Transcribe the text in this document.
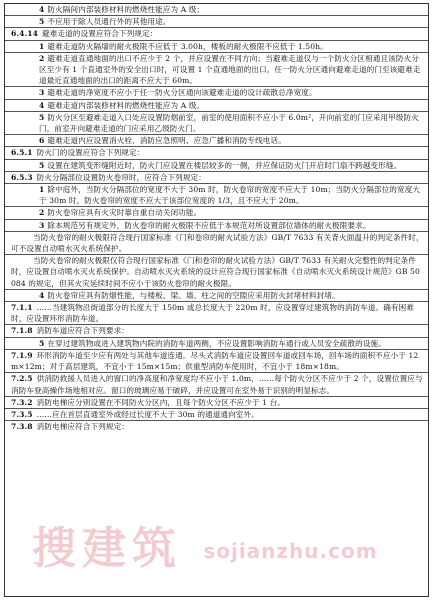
4 防火隔间内部装修材料的燃烧性能应为 A 级；
5 不应用于除人员通行外的其他用途。
6.4.14 避难走道的设置应符合下列规定：
1 避难走道防火隔墙的耐火极限不应低于 3.00h，楼板的耐火极限不应低于 1.50h。
2 避难走道直通地面的出口不应少于 2 个，并应设置在不同方向；当避难走道仅与一个防火分区相通且该防火分区至少有 1 个直通室外的安全出口时，可设置 1 个直通地面的出口。任一防火分区通向避难走道的门至该避难走道最近直通地面的出口的距离不应大于 60m。
3 避难走道的净宽度不应小于任一防火分区通向该避难走道的设计疏散总净宽度。
4 避难走道内部装修材料的燃烧性能应为 A 级。
5 防火分区至避难走道入口处应设置防烟前室，前室的使用面积不应小于 6.0m²，开向前室的门应采用甲级防火门，前室开向避难走道的门应采用乙级防火门。
6 避难走道内应设置消火栓、消防应急照明、应急广播和消防专线电话。
6.5.1 防火门的设置应符合下列规定：
5 设置在建筑变形缝附近时，防火门应设置在楼层较多的一侧，并应保证防火门开启时门扇不跨越变形缝。
6.5.3 防火分隔部位设置防火卷帘时，应符合下列规定：
1 除中庭外，当防火分隔部位的宽度不大于 30m 时，防火卷帘的宽度不应大于 10m；当防火分隔部位的宽度大于 30m 时，防火卷帘的宽度不应大于该部位宽度的 1/3，且不应大于 20m。
2 防火卷帘应具有火灾时靠自重自动关闭功能。
3 除本规范另有规定外，防火卷帘的耐火极限不应低于本规范对所设置部位墙体的耐火极限要求。
当防火卷帘的耐火极限符合现行国家标准《门和卷帘的耐火试验方法》GB/T 7633 有关背火面温升的判定条件时，可不设置自动喷水灭火系统保护。
当防火卷帘的耐火极限仅符合现行国家标准《门和卷帘的耐火试验方法》GB/T 7633 有关耐火完整性的判定条件时，应设置自动喷水灭火系统保护。自动喷水灭火系统的设计应符合现行国家标准《自动喷水灭火系统设计规范》GB 50084 的规定，但其火灾延续时间不应小于该防火卷帘的耐火极限。
4 防火卷帘应具有防烟性能，与楼板、梁、墙、柱之间的空隙应采用防火封堵材料封堵。
7.1.1 ……当建筑物沿街道部分的长度大于 150m 或总长度大于 220m 时，应设置穿过建筑物的消防车道。确有困难时，应设置环形消防车道。
7.1.8 消防车道应符合下列要求：
5 在穿过建筑物或进入建筑物内院的消防车道两侧，不应设置影响消防车通行或人员安全疏散的设施。
7.1.9 环形消防车道至少应有两处与其他车道连通。尽头式消防车道应设置回车道或回车场，回车场的面积不应小于 12m×12m；对于高层建筑，不宜小于 15m×15m；供重型消防车使用时，不宜小于 18m×18m。
7.2.5 供消防救援人员进入的窗口的净高度和净宽度均不应小于 1.0m，……每个防火分区不应少于 2 个，设置位置应与消防车登高操作场地相对应。窗口的玻璃应易于破碎，并应设置可在室外易于识别的明显标志。
7.3.2 消防电梯应分别设置在不同防火分区内，且每个防火分区不应少于 1 台。
7.3.5 ……应在首层直通室外或经过长度不大于 30m 的通道通向室外。
7.3.8 消防电梯应符合下列规定：
搜建筑 sojianzhu.com
